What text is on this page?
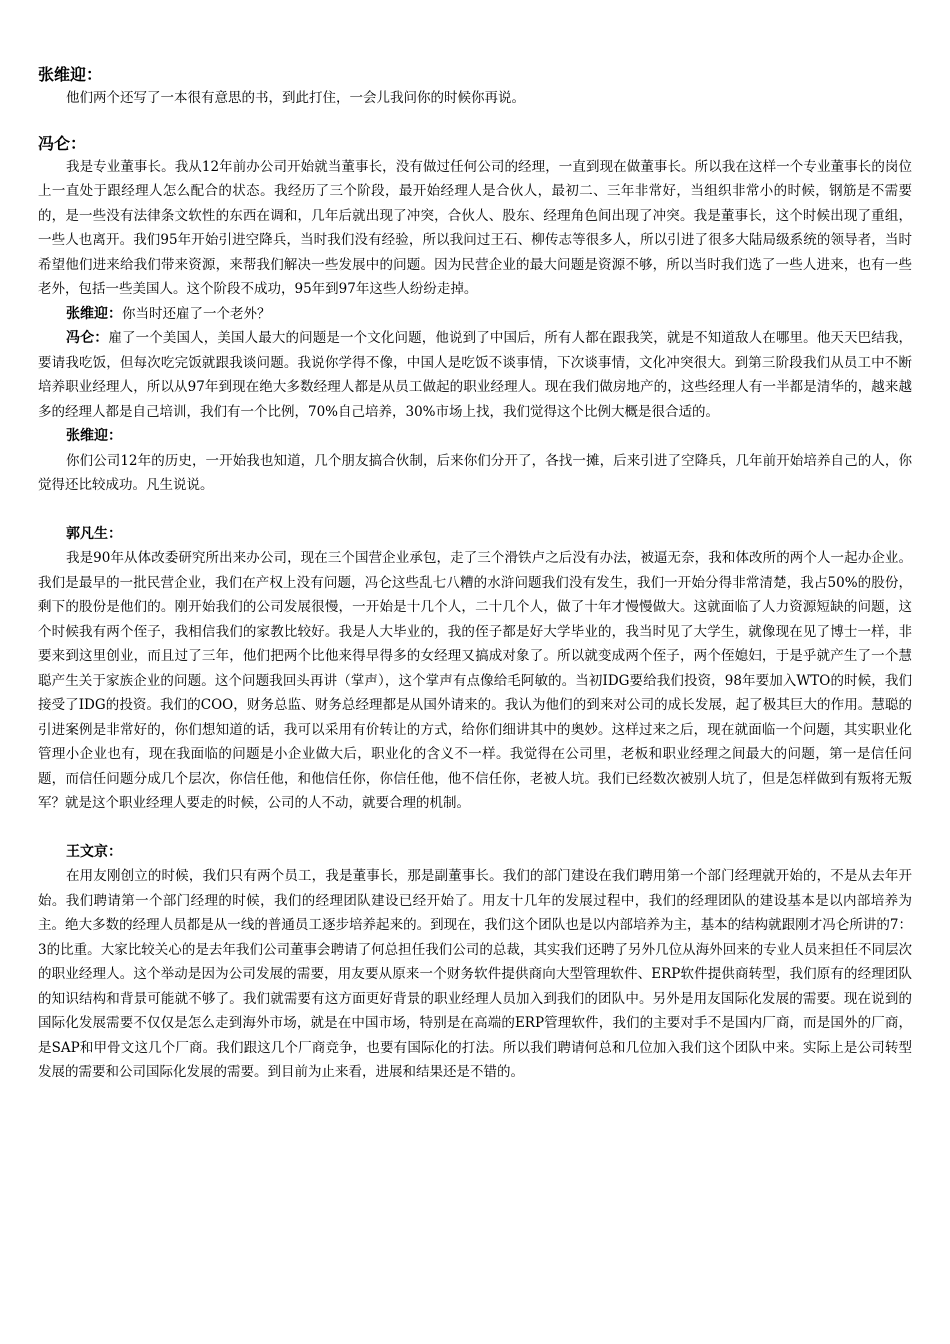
张维迎：

他们两个还写了一本很有意思的书，到此打住，一会儿我问你的时候你再说。

冯仑：

我是专业董事长。我从12年前办公司开始就当董事长，没有做过任何公司的经理，一直到现在做董事长。所以我在这样一个专业董事长的岗位上一直处于跟经理人怎么配合的状态。我经历了三个阶段，最开始经理人是合伙人，最初二、三年非常好，当组织非常小的时候，钢筋是不需要的，是一些没有法律条文软性的东西在调和，几年后就出现了冲突，合伙人、股东、经理角色间出现了冲突。我是董事长，这个时候出现了重组，一些人也离开。我们95年开始引进空降兵，当时我们没有经验，所以我问过王石、柳传志等很多人，所以引进了很多大陆局级系统的领导者，当时希望他们进来给我们带来资源，来帮我们解决一些发展中的问题。因为民营企业的最大问题是资源不够，所以当时我们选了一些人进来，也有一些老外，包括一些美国人。这个阶段不成功，95年到97年这些人纷纷走掉。

张维迎：你当时还雇了一个老外？

冯仑：雇了一个美国人，美国人最大的问题是一个文化问题，他说到了中国后，所有人都在跟我笑，就是不知道敌人在哪里。他天天巴结我，要请我吃饭，但每次吃完饭就跟我谈问题。我说你学得不像，中国人是吃饭不谈事情，下次谈事情，文化冲突很大。到第三阶段我们从员工中不断培养职业经理人，所以从97年到现在绝大多数经理人都是从员工做起的职业经理人。现在我们做房地产的，这些经理人有一半都是清华的，越来越多的经理人都是自己培训，我们有一个比例，70%自己培养，30%市场上找，我们觉得这个比例大概是很合适的。

张维迎：

你们公司12年的历史，一开始我也知道，几个朋友搞合伙制，后来你们分开了，各找一摊，后来引进了空降兵，几年前开始培养自己的人，你觉得还比较成功。凡生说说。

郭凡生：

我是90年从体改委研究所出来办公司，现在三个国营企业承包，走了三个滑铁卢之后没有办法，被逼无奈，我和体改所的两个人一起办企业。我们是最早的一批民营企业，我们在产权上没有问题，冯仑这些乱七八糟的水浒问题我们没有发生，我们一开始分得非常清楚，我占50%的股份，剩下的股份是他们的。刚开始我们的公司发展很慢，一开始是十几个人，二十几个人，做了十年才慢慢做大。这就面临了人力资源短缺的问题，这个时候我有两个侄子，我相信我们的家教比较好。我是人大毕业的，我的侄子都是好大学毕业的，我当时见了大学生，就像现在见了博士一样，非要来到这里创业，而且过了三年，他们把两个比他来得早得多的女经理又搞成对象了。所以就变成两个侄子，两个侄媳妇，于是乎就产生了一个慧聪产生关于家族企业的问题。这个问题我回头再讲（掌声），这个掌声有点像给毛阿敏的。当初IDG要给我们投资，98年要加入WTO的时候，我们接受了IDG的投资。我们的COO，财务总监、财务总经理都是从国外请来的。我认为他们的到来对公司的成长发展，起了极其巨大的作用。慧聪的引进案例是非常好的，你们想知道的话，我可以采用有价转让的方式，给你们细讲其中的奥妙。这样过来之后，现在就面临一个问题，其实职业化管理小企业也有，现在我面临的问题是小企业做大后，职业化的含义不一样。我觉得在公司里，老板和职业经理之间最大的问题，第一是信任问题，而信任问题分成几个层次，你信任他，和他信任你，你信任他，他不信任你，老被人坑。我们已经数次被别人坑了，但是怎样做到有叛将无叛军？就是这个职业经理人要走的时候，公司的人不动，就要合理的机制。

王文京：

在用友刚创立的时候，我们只有两个员工，我是董事长，那是副董事长。我们的部门建设在我们聘用第一个部门经理就开始的，不是从去年开始。我们聘请第一个部门经理的时候，我们的经理团队建设已经开始了。用友十几年的发展过程中，我们的经理团队的建设基本是以内部培养为主。绝大多数的经理人员都是从一线的普通员工逐步培养起来的。到现在，我们这个团队也是以内部培养为主，基本的结构就跟刚才冯仑所讲的7：3的比重。大家比较关心的是去年我们公司董事会聘请了何总担任我们公司的总裁，其实我们还聘了另外几位从海外回来的专业人员来担任不同层次的职业经理人。这个举动是因为公司发展的需要，用友要从原来一个财务软件提供商向大型管理软件、ERP软件提供商转型，我们原有的经理团队的知识结构和背景可能就不够了。我们就需要有这方面更好背景的职业经理人员加入到我们的团队中。另外是用友国际化发展的需要。现在说到的国际化发展需要不仅仅是怎么走到海外市场，就是在中国市场，特别是在高端的ERP管理软件，我们的主要对手不是国内厂商，而是国外的厂商，是SAP和甲骨文这几个厂商。我们跟这几个厂商竞争，也要有国际化的打法。所以我们聘请何总和几位加入我们这个团队中来。实际上是公司转型发展的需要和公司国际化发展的需要。到目前为止来看，进展和结果还是不错的。
